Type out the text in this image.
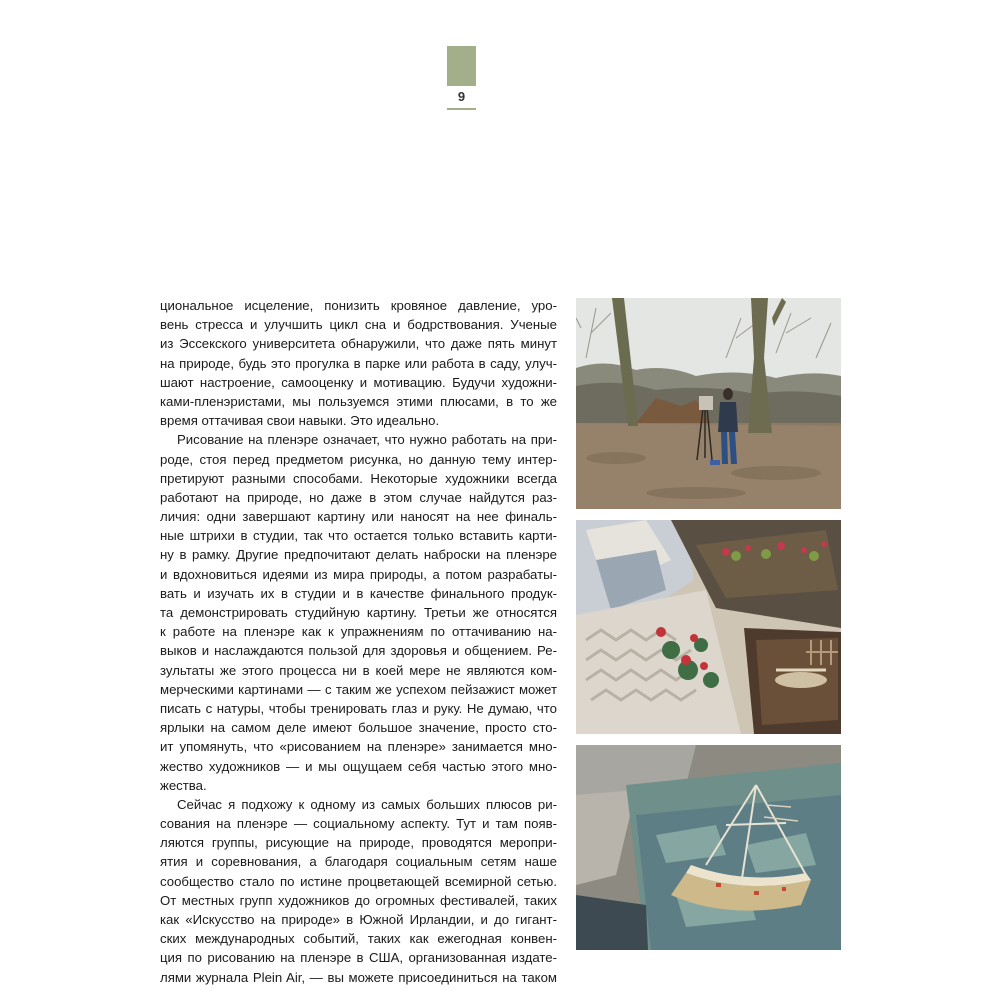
9
циональное исцеление, понизить кровяное давление, уро-
вень стресса и улучшить цикл сна и бодрствования. Ученые
из Эссекского университета обнаружили, что даже пять минут
на природе, будь это прогулка в парке или работа в саду, улуч-
шают настроение, самооценку и мотивацию. Будучи художни-
ками-пленэристами, мы пользуемся этими плюсами, в то же
время оттачивая свои навыки. Это идеально.
Рисование на пленэре означает, что нужно работать на при-
роде, стоя перед предметом рисунка, но данную тему интер-
претируют разными способами. Некоторые художники всегда
работают на природе, но даже в этом случае найдутся раз-
личия: одни завершают картину или наносят на нее финаль-
ные штрихи в студии, так что остается только вставить карти-
ну в рамку. Другие предпочитают делать наброски на пленэре
и вдохновиться идеями из мира природы, а потом разрабаты-
вать и изучать их в студии и в качестве финального продук-
та демонстрировать студийную картину. Третьи же относятся
к работе на пленэре как к упражнениям по оттачиванию на-
выков и наслаждаются пользой для здоровья и общением. Ре-
зультаты же этого процесса ни в коей мере не являются ком-
мерческими картинами — с таким же успехом пейзажист может
писать с натуры, чтобы тренировать глаз и руку. Не думаю, что
ярлыки на самом деле имеют большое значение, просто сто-
ит упомянуть, что «рисованием на пленэре» занимается мно-
жество художников — и мы ощущаем себя частью этого мно-
жества.
Сейчас я подхожу к одному из самых больших плюсов ри-
сования на пленэре — социальному аспекту. Тут и там появ-
ляются группы, рисующие на природе, проводятся меропри-
ятия и соревнования, а благодаря социальным сетям наше
сообщество стало по истине процветающей всемирной сетью.
От местных групп художников до огромных фестивалей, таких
как «Искусство на природе» в Южной Ирландии, и до гигант-
ских международных событий, таких как ежегодная конвен-
ция по рисованию на пленэре в США, организованная издате-
лями журнала Plein Air, — вы можете присоединиться на таком
